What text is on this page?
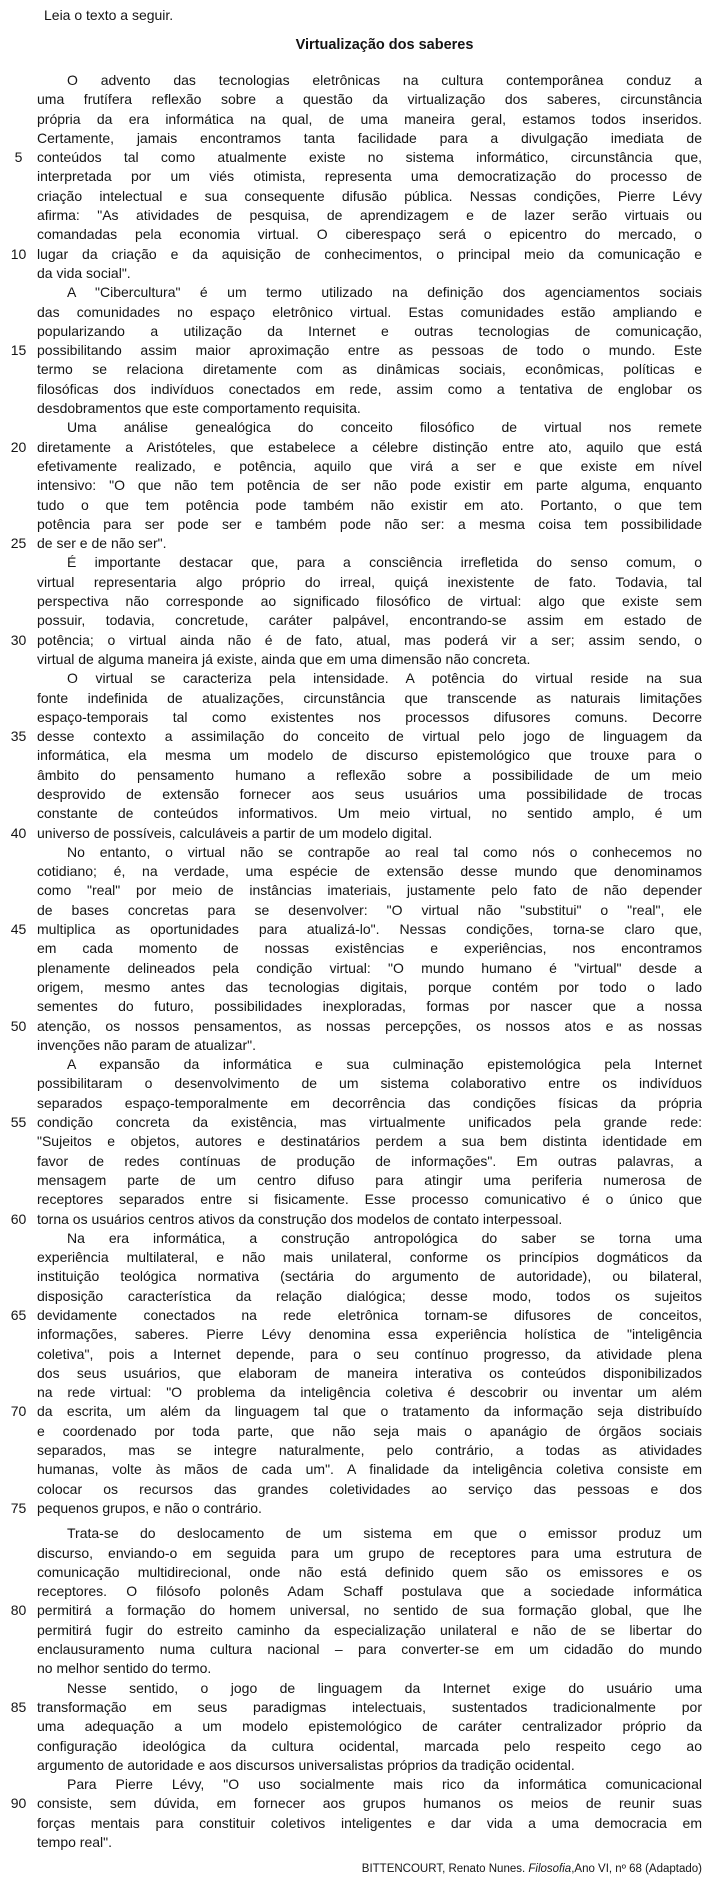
Leia o texto a seguir.
Virtualização dos saberes
O advento das tecnologias eletrônicas na cultura contemporânea conduz a
uma frutífera reflexão sobre a questão da virtualização dos saberes, circunstância
própria da era informática na qual, de uma maneira geral, estamos todos inseridos.
Certamente, jamais encontramos tanta facilidade para a divulgação imediata de
5	conteúdos tal como atualmente existe no sistema informático, circunstância que,
interpretada por um viés otimista, representa uma democratização do processo de
criação intelectual e sua consequente difusão pública. Nessas condições, Pierre Lévy
afirma: "As atividades de pesquisa, de aprendizagem e de lazer serão virtuais ou
comandadas pela economia virtual. O ciberespaço será o epicentro do mercado, o
10 lugar da criação e da aquisição de conhecimentos, o principal meio da comunicação e
da vida social".
A "Cibercultura" é um termo utilizado na definição dos agenciamentos sociais
das comunidades no espaço eletrônico virtual. Estas comunidades estão ampliando e
popularizando a utilização da Internet e outras tecnologias de comunicação,
15 possibilitando assim maior aproximação entre as pessoas de todo o mundo. Este
termo se relaciona diretamente com as dinâmicas sociais, econômicas, políticas e
filosóficas dos indivíduos conectados em rede, assim como a tentativa de englobar os
desdobramentos que este comportamento requisita.
Uma análise genealógica do conceito filosófico de virtual nos remete
20 diretamente a Aristóteles, que estabelece a célebre distinção entre ato, aquilo que está
efetivamente realizado, e potência, aquilo que virá a ser e que existe em nível
intensivo: "O que não tem potência de ser não pode existir em parte alguma, enquanto
tudo o que tem potência pode também não existir em ato. Portanto, o que tem
potência para ser pode ser e também pode não ser: a mesma coisa tem possibilidade
25 de ser e de não ser".
É importante destacar que, para a consciência irrefletida do senso comum, o
virtual representaria algo próprio do irreal, quiçá inexistente de fato. Todavia, tal
perspectiva não corresponde ao significado filosófico de virtual: algo que existe sem
possuir, todavia, concretude, caráter palpável, encontrando-se assim em estado de
30 potência; o virtual ainda não é de fato, atual, mas poderá vir a ser; assim sendo, o
virtual de alguma maneira já existe, ainda que em uma dimensão não concreta.
O virtual se caracteriza pela intensidade. A potência do virtual reside na sua
fonte indefinida de atualizações, circunstância que transcende as naturais limitações
espaço-temporais tal como existentes nos processos difusores comuns. Decorre
35 desse contexto a assimilação do conceito de virtual pelo jogo de linguagem da
informática, ela mesma um modelo de discurso epistemológico que trouxe para o
âmbito do pensamento humano a reflexão sobre a possibilidade de um meio
desprovido de extensão fornecer aos seus usuários uma possibilidade de trocas
constante de conteúdos informativos. Um meio virtual, no sentido amplo, é um
40 universo de possíveis, calculáveis a partir de um modelo digital.
No entanto, o virtual não se contrapõe ao real tal como nós o conhecemos no
cotidiano; é, na verdade, uma espécie de extensão desse mundo que denominamos
como "real" por meio de instâncias imateriais, justamente pelo fato de não depender
de bases concretas para se desenvolver: "O virtual não "substitui" o "real", ele
45 multiplica as oportunidades para atualizá-lo". Nessas condições, torna-se claro que,
em cada momento de nossas existências e experiências, nos encontramos
plenamente delineados pela condição virtual: "O mundo humano é "virtual" desde a
origem, mesmo antes das tecnologias digitais, porque contém por todo o lado
sementes do futuro, possibilidades inexploradas, formas por nascer que a nossa
50 atenção, os nossos pensamentos, as nossas percepções, os nossos atos e as nossas
invenções não param de atualizar".
A expansão da informática e sua culminação epistemológica pela Internet
possibilitaram o desenvolvimento de um sistema colaborativo entre os indivíduos
separados espaço-temporalmente em decorrência das condições físicas da própria
55 condição concreta da existência, mas virtualmente unificados pela grande rede:
"Sujeitos e objetos, autores e destinatários perdem a sua bem distinta identidade em
favor de redes contínuas de produção de informações". Em outras palavras, a
mensagem parte de um centro difuso para atingir uma periferia numerosa de
receptores separados entre si fisicamente. Esse processo comunicativo é o único que
60 torna os usuários centros ativos da construção dos modelos de contato interpessoal.
Na era informática, a construção antropológica do saber se torna uma
experiência multilateral, e não mais unilateral, conforme os princípios dogmáticos da
instituição teológica normativa (sectária do argumento de autoridade), ou bilateral,
disposição característica da relação dialógica; desse modo, todos os sujeitos
65 devidamente conectados na rede eletrônica tornam-se difusores de conceitos,
informações, saberes. Pierre Lévy denomina essa experiência holística de "inteligência
coletiva", pois a Internet depende, para o seu contínuo progresso, da atividade plena
dos seus usuários, que elaboram de maneira interativa os conteúdos disponibilizados
na rede virtual: "O problema da inteligência coletiva é descobrir ou inventar um além
70 da escrita, um além da linguagem tal que o tratamento da informação seja distribuído
e coordenado por toda parte, que não seja mais o apanágio de órgãos sociais
separados, mas se integre naturalmente, pelo contrário, a todas as atividades
humanas, volte às mãos de cada um". A finalidade da inteligência coletiva consiste em
colocar os recursos das grandes coletividades ao serviço das pessoas e dos
75 pequenos grupos, e não o contrário.
Trata-se do deslocamento de um sistema em que o emissor produz um
discurso, enviando-o em seguida para um grupo de receptores para uma estrutura de
comunicação multidirecional, onde não está definido quem são os emissores e os
receptores. O filósofo polonês Adam Schaff postulava que a sociedade informática
80 permitirá a formação do homem universal, no sentido de sua formação global, que lhe
permitirá fugir do estreito caminho da especialização unilateral e não de se libertar do
enclausuramento numa cultura nacional – para converter-se em um cidadão do mundo
no melhor sentido do termo.
Nesse sentido, o jogo de linguagem da Internet exige do usuário uma
85 transformação em seus paradigmas intelectuais, sustentados tradicionalmente por
uma adequação a um modelo epistemológico de caráter centralizador próprio da
configuração ideológica da cultura ocidental, marcada pelo respeito cego ao
argumento de autoridade e aos discursos universalistas próprios da tradição ocidental.
Para Pierre Lévy, "O uso socialmente mais rico da informática comunicacional
90 consiste, sem dúvida, em fornecer aos grupos humanos os meios de reunir suas
forças mentais para constituir coletivos inteligentes e dar vida a uma democracia em
tempo real".
BITTENCOURT, Renato Nunes. Filosofia,Ano VI, nº 68 (Adaptado)
